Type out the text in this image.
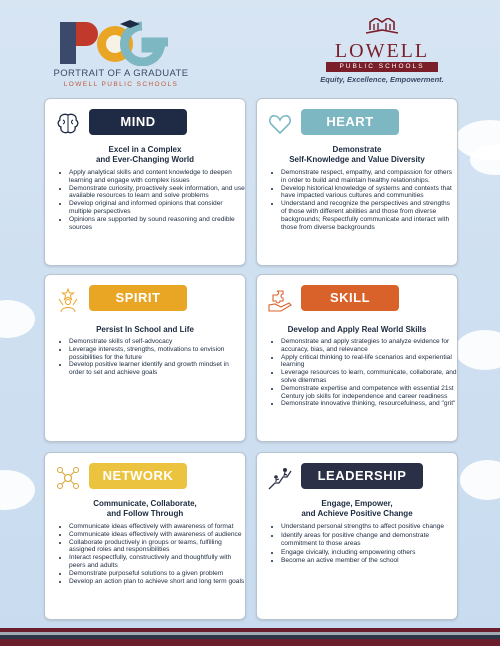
PORTRAIT OF A GRADUATE
LOWELL PUBLIC SCHOOLS
LOWELL
PUBLIC SCHOOLS
Equity, Excellence, Empowerment.
MIND
Excel in a Complex
and Ever-Changing World
• Apply analytical skills and content knowledge to deepen learning and engage with complex issues
• Demonstrate curiosity, proactively seek information, and use available resources to learn and solve problems
• Develop original and informed opinions that consider multiple perspectives
• Opinions are supported by sound reasoning and credible sources
HEART
Demonstrate
Self-Knowledge and Value Diversity
• Demonstrate respect, empathy, and compassion for others in order to build and maintain healthy relationships.
• Develop historical knowledge of systems and contexts that have impacted various cultures and communities
• Understand and recognize the perspectives and strengths of those with different abilities and those from diverse backgrounds; Respectfully communicate and interact with those from diverse backgrounds
SPIRIT
Persist In School and Life
• Demonstrate skills of self-advocacy
• Leverage interests, strengths, motivations to envision possibilities for the future
• Develop positive learner identify and growth mindset in order to set and achieve goals
SKILL
Develop and Apply Real World Skills
• Demonstrate and apply strategies to analyze evidence for accuracy, bias, and relevance
• Apply critical thinking to real-life scenarios and experiential learning
• Leverage resources to learn, communicate, collaborate, and solve dilemmas
• Demonstrate expertise and competence with essential 21st Century job skills for independence and career readiness
• Demonstrate innovative thinking, resourcefulness, and "grit"
NETWORK
Communicate, Collaborate,
and Follow Through
• Communicate ideas effectively with awareness of format
• Communicate ideas effectively with awareness of audience
• Collaborate productively in groups or teams, fulfilling assigned roles and responsibilities
• Interact respectfully, constructively and thoughtfully with peers and adults
• Demonstrate purposeful solutions to a given problem
• Develop an action plan to achieve short and long term goals
LEADERSHIP
Engage, Empower,
and Achieve Positive Change
• Understand personal strengths to affect positive change
• Identify areas for positive change and demonstrate commitment to those areas
• Engage civically, including empowering others
• Become an active member of the school
